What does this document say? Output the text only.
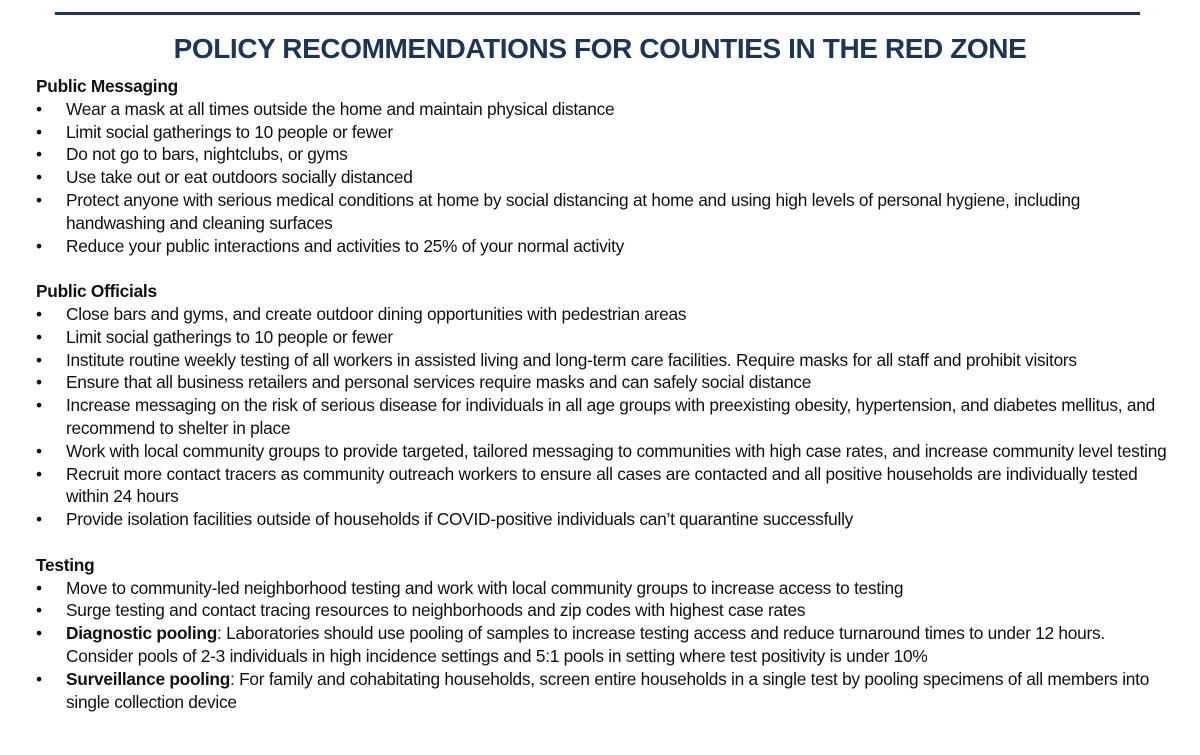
POLICY RECOMMENDATIONS FOR COUNTIES IN THE RED ZONE
Public Messaging
•	Wear a mask at all times outside the home and maintain physical distance
•	Limit social gatherings to 10 people or fewer
•	Do not go to bars, nightclubs, or gyms
•	Use take out or eat outdoors socially distanced
•	Protect anyone with serious medical conditions at home by social distancing at home and using high levels of personal hygiene, including handwashing and cleaning surfaces
•	Reduce your public interactions and activities to 25% of your normal activity
Public Officials
•	Close bars and gyms, and create outdoor dining opportunities with pedestrian areas
•	Limit social gatherings to 10 people or fewer
•	Institute routine weekly testing of all workers in assisted living and long-term care facilities. Require masks for all staff and prohibit visitors
•	Ensure that all business retailers and personal services require masks and can safely social distance
•	Increase messaging on the risk of serious disease for individuals in all age groups with preexisting obesity, hypertension, and diabetes mellitus, and recommend to shelter in place
•	Work with local community groups to provide targeted, tailored messaging to communities with high case rates, and increase community level testing
•	Recruit more contact tracers as community outreach workers to ensure all cases are contacted and all positive households are individually tested within 24 hours
•	Provide isolation facilities outside of households if COVID-positive individuals can’t quarantine successfully
Testing
•	Move to community-led neighborhood testing and work with local community groups to increase access to testing
•	Surge testing and contact tracing resources to neighborhoods and zip codes with highest case rates
•	Diagnostic pooling: Laboratories should use pooling of samples to increase testing access and reduce turnaround times to under 12 hours. Consider pools of 2-3 individuals in high incidence settings and 5:1 pools in setting where test positivity is under 10%
•	Surveillance pooling: For family and cohabitating households, screen entire households in a single test by pooling specimens of all members into single collection device
